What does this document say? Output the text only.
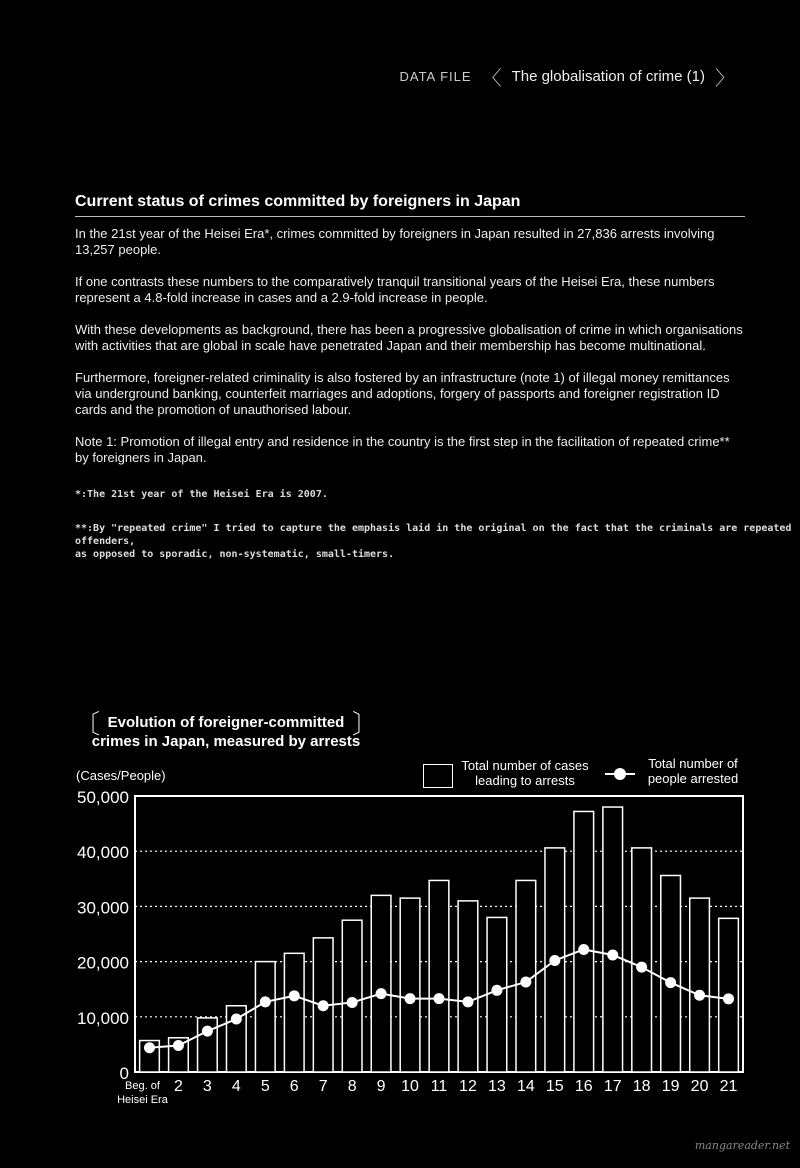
DATA FILE 〈 The globalisation of crime (1) 〉
Current status of crimes committed by foreigners in Japan

In the 21st year of the Heisei Era*, crimes committed by foreigners in Japan resulted in 27,836 arrests involving 13,257 people.

If one contrasts these numbers to the comparatively tranquil transitional years of the Heisei Era, these numbers represent a 4.8-fold increase in cases and a 2.9-fold increase in people.

With these developments as background, there has been a progressive globalisation of crime in which organisations with activities that are global in scale have penetrated Japan and their membership has become multinational.

Furthermore, foreigner-related criminality is also fostered by an infrastructure (note 1) of illegal money remittances via underground banking, counterfeit marriages and adoptions, forgery of passports and foreigner registration ID cards and the promotion of unauthorised labour.

Note 1: Promotion of illegal entry and residence in the country is the first step in the facilitation of repeated crime** by foreigners in Japan.

*:The 21st year of the Heisei Era is 2007.
**:By "repeated crime" I tried to capture the emphasis laid in the original on the fact that the criminals are repeated offenders,
as opposed to sporadic, non-systematic, small-timers.
〔 Evolution of foreigner-committed
crimes in Japan, measured by arrests
〕
(Cases/People)
Total number of cases
leading to arrests
Total number of
people arrested
0
10,000
20,000
30,000
40,000
50,000
Beg. of
Heisei Era
2 3 4 5 6 7 8 9 10 11 12 13 14 15 16 17 18 19 20 21
mangareader.net
